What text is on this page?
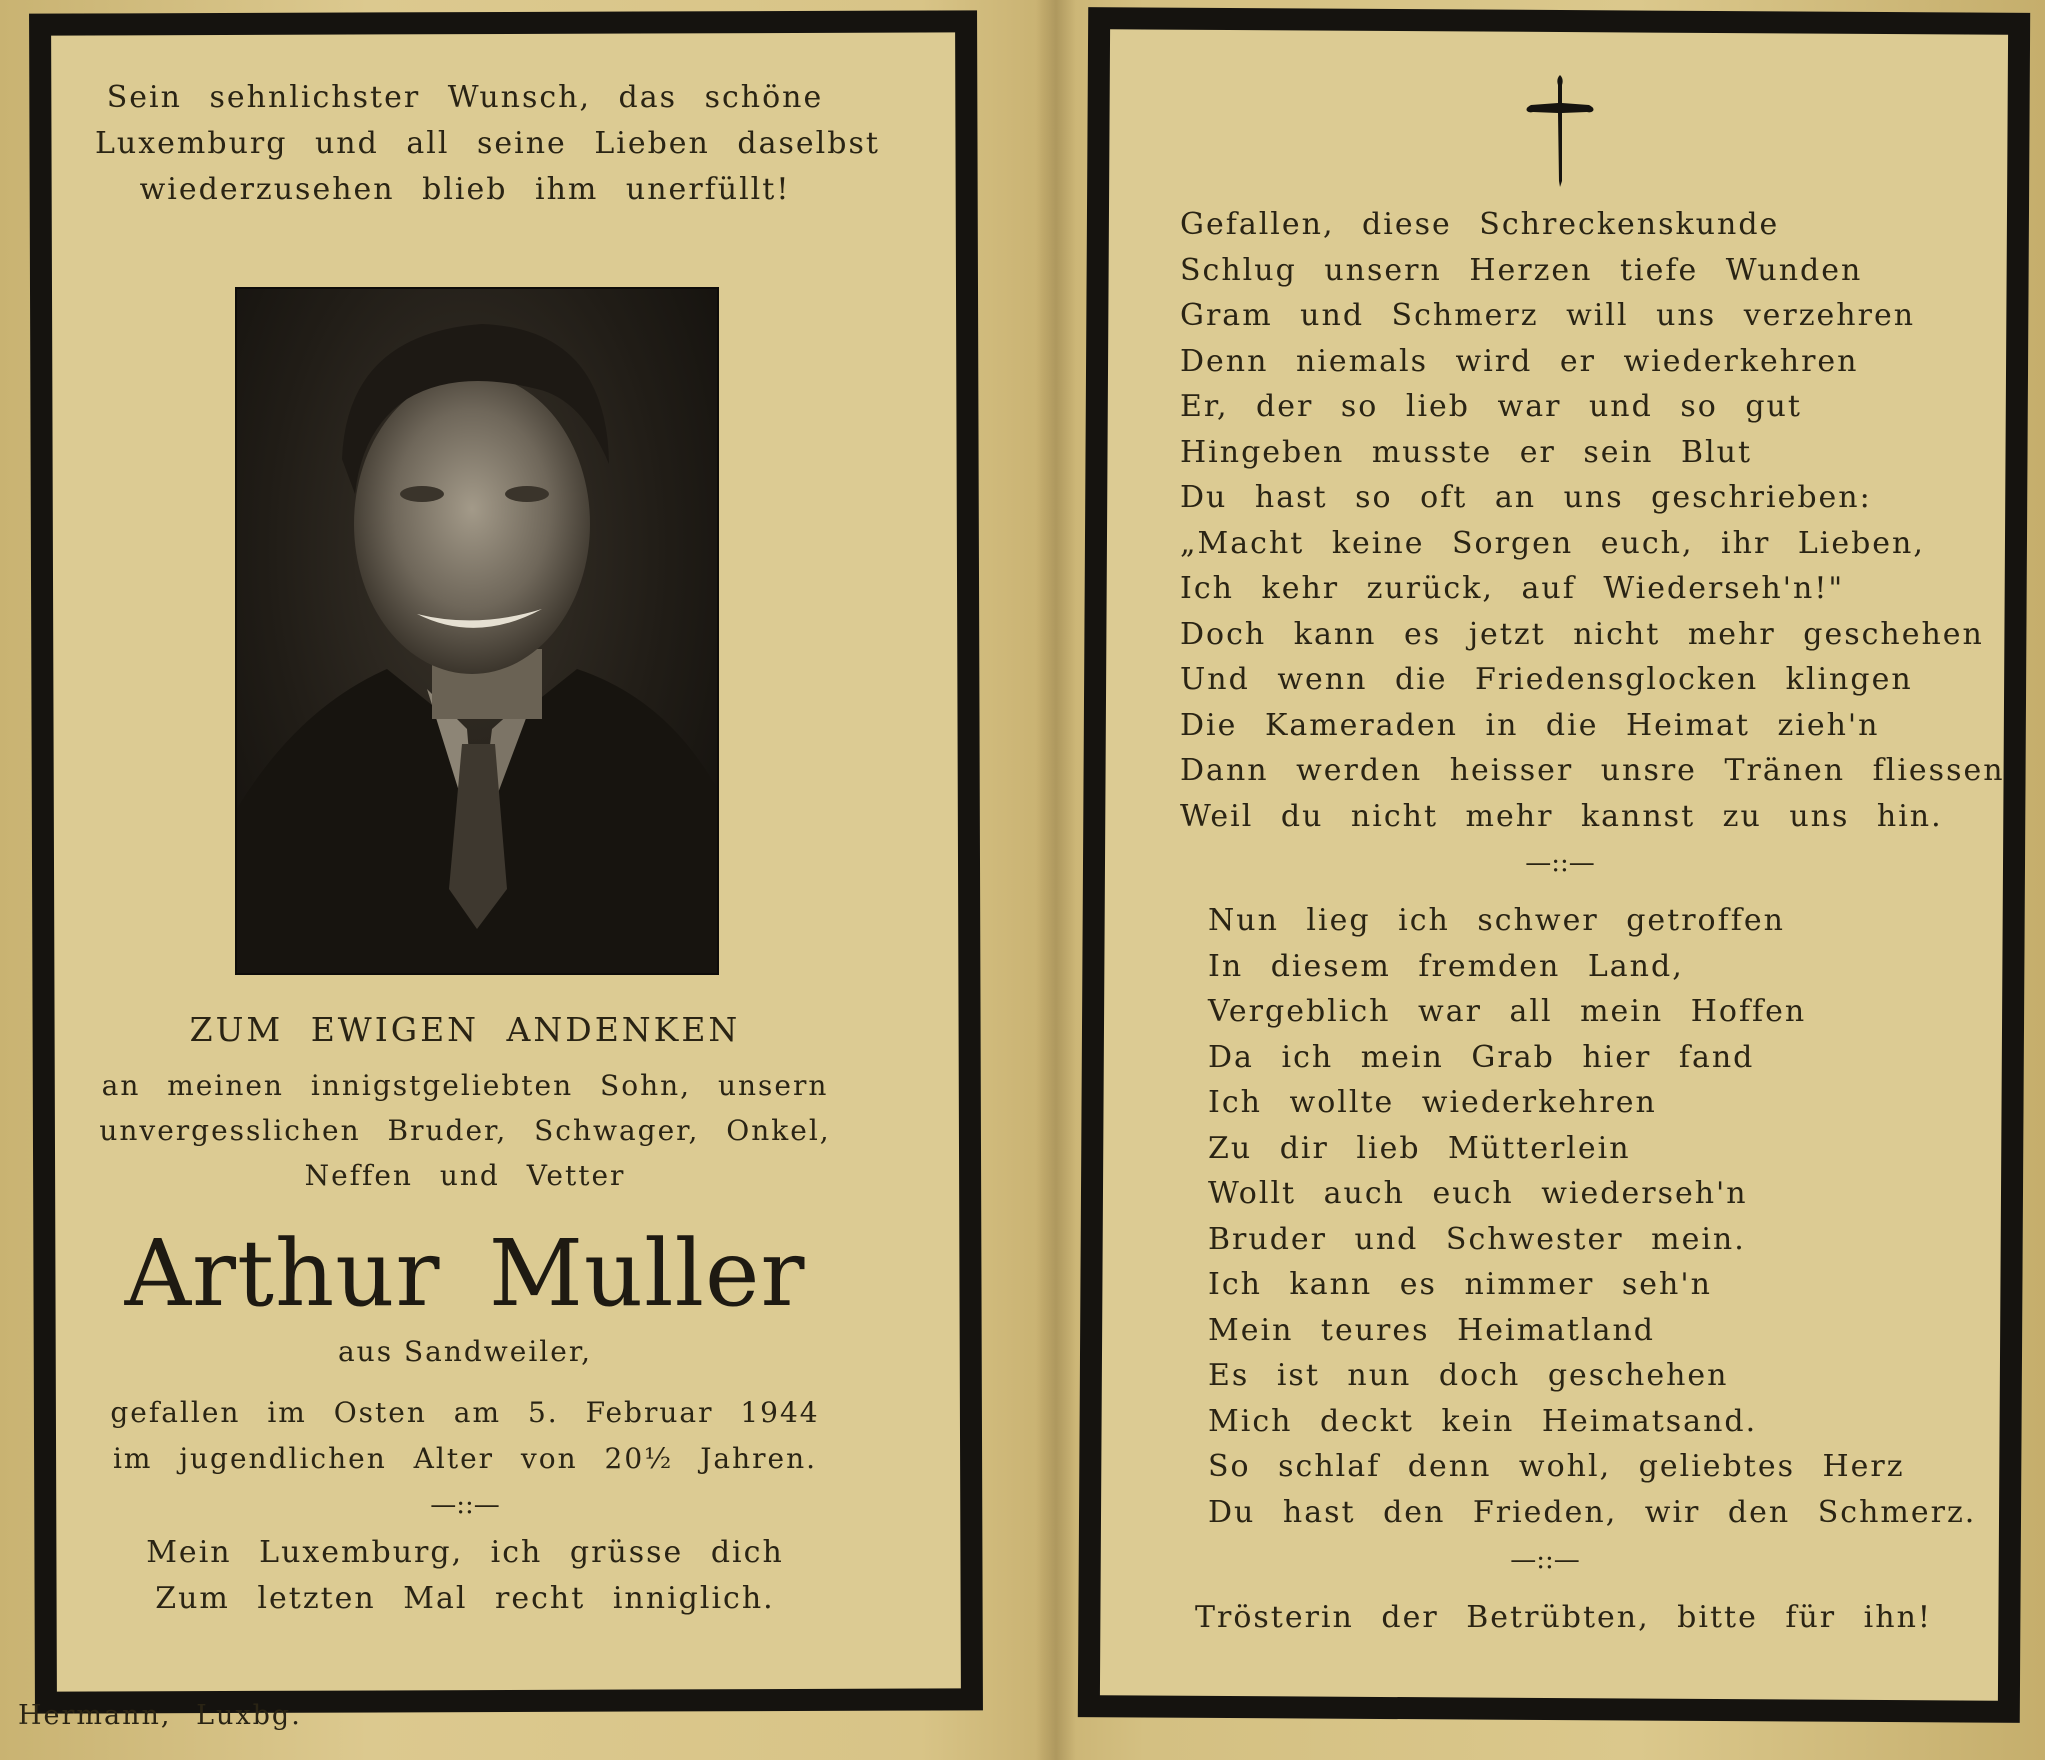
Sein sehnlichster Wunsch, das schöne
Luxemburg und all seine Lieben daselbst
wiederzusehen blieb ihm unerfüllt!
ZUM EWIGEN ANDENKEN
an meinen innigstgeliebten Sohn, unsern
unvergesslichen Bruder, Schwager, Onkel,
Neffen und Vetter
Arthur Muller
aus Sandweiler,
gefallen im Osten am 5. Februar 1944
im jugendlichen Alter von 20½ Jahren.
—::—
Mein Luxemburg, ich grüsse dich
Zum letzten Mal recht inniglich.
Hermann, Luxbg.
Gefallen, diese Schreckenskunde
Schlug unsern Herzen tiefe Wunden
Gram und Schmerz will uns verzehren
Denn niemals wird er wiederkehren
Er, der so lieb war und so gut
Hingeben musste er sein Blut
Du hast so oft an uns geschrieben:
„Macht keine Sorgen euch, ihr Lieben,
Ich kehr zurück, auf Wiederseh'n!"
Doch kann es jetzt nicht mehr geschehen
Und wenn die Friedensglocken klingen
Die Kameraden in die Heimat zieh'n
Dann werden heisser unsre Tränen fliessen
Weil du nicht mehr kannst zu uns hin.
—::—
Nun lieg ich schwer getroffen
In diesem fremden Land,
Vergeblich war all mein Hoffen
Da ich mein Grab hier fand
Ich wollte wiederkehren
Zu dir lieb Mütterlein
Wollt auch euch wiederseh'n
Bruder und Schwester mein.
Ich kann es nimmer seh'n
Mein teures Heimatland
Es ist nun doch geschehen
Mich deckt kein Heimatsand.
So schlaf denn wohl, geliebtes Herz
Du hast den Frieden, wir den Schmerz.
—::—
Trösterin der Betrübten, bitte für ihn!
